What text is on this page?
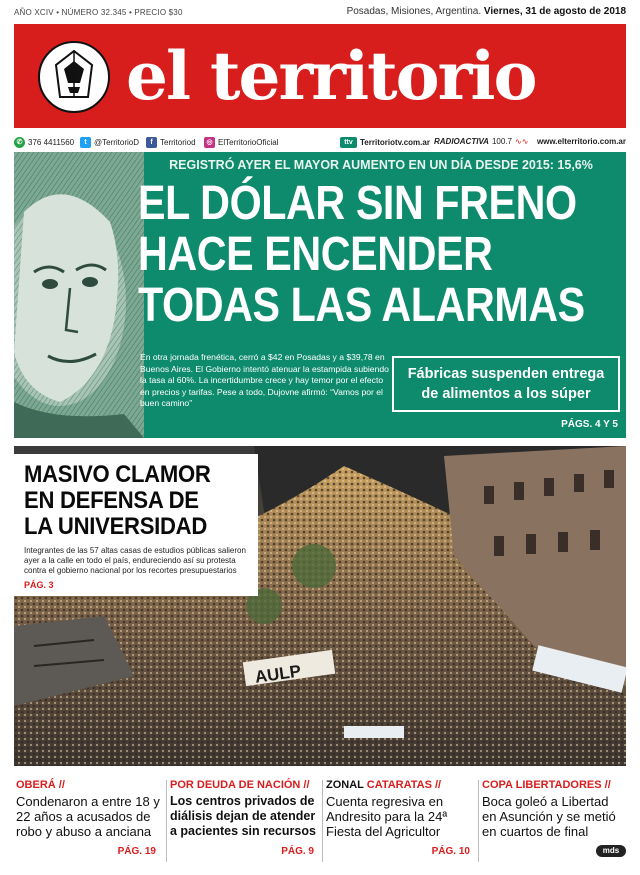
AÑO XCIV • NÚMERO 32.345 • PRECIO $30	Posadas, Misiones, Argentina. Viernes, 31 de agosto de 2018
el territorio
✆ 376 4411560	t @TerritorioD	f Territoriod	◎ ElTerritorioOficial	ttv Territoriotv.com.ar RADIOACTIVA 100.7 ∿∿ www.elterritorio.com.ar
REGISTRÓ AYER EL MAYOR AUMENTO EN UN DÍA DESDE 2015: 15,6%
EL DÓLAR SIN FRENO
HACE ENCENDER
TODAS LAS ALARMAS
En otra jornada frenética, cerró a $42 en Posadas y a $39,78 en Buenos Aires. El Gobierno intentó atenuar la estampida subiendo la tasa al 60%. La incertidumbre crece y hay temor por el efecto en precios y tarifas. Pese a todo, Dujovne afirmó: “Vamos por el buen camino”
Fábricas suspenden entrega
de alimentos a los súper
PÁGS. 4 Y 5
AULP
MASIVO CLAMOR
EN DEFENSA DE
LA UNIVERSIDAD
Integrantes de las 57 altas casas de estudios públicas salieron ayer a la calle en todo el país, endureciendo así su protesta contra el gobierno nacional por los recortes presupuestarios
PÁG. 3
OBERÁ //
Condenaron a entre 18 y 22 años a acusados de robo y abuso a anciana
PÁG. 19
POR DEUDA DE NACIÓN //
Los centros privados de diálisis dejan de atender a pacientes sin recursos
PÁG. 9
ZONAL CATARATAS //
Cuenta regresiva en Andresito para la 24ª Fiesta del Agricultor
PÁG. 10
COPA LIBERTADORES //
Boca goleó a Libertad en Asunción y se metió en cuartos de final
mds
